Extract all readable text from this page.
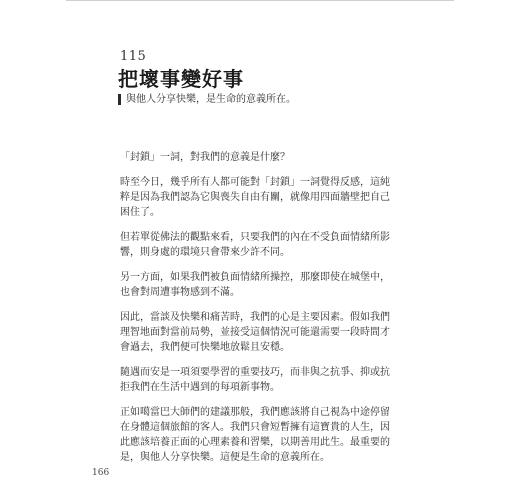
115
把壞事變好事
與他人分享快樂，是生命的意義所在。

「封鎖」一詞，對我們的意義是什麼？

時至今日，幾乎所有人都可能對「封鎖」一詞覺得反感，這純粹是因為我們認為它與喪失自由有關，就像用四面牆壁把自己困住了。

但若單從佛法的觀點來看，只要我們的內在不受負面情緒所影響，則身處的環境只會帶來少許不同。

另一方面，如果我們被負面情緒所操控，那麼即使在城堡中，也會對周遭事物感到不滿。

因此，當談及快樂和痛苦時，我們的心是主要因素。假如我們理智地面對當前局勢，並接受這個情況可能還需要一段時間才會過去，我們便可快樂地放鬆且安穩。

隨遇而安是一項須要學習的重要技巧，而非與之抗爭、抑或抗拒我們在生活中遇到的每項新事物。

正如噶當巴大師們的建議那般，我們應該將自己視為中途停留在身體這個旅館的客人。我們只會短暫擁有這寶貴的人生，因此應該培養正面的心理素養和習樂，以期善用此生。最重要的是，與他人分享快樂。這便是生命的意義所在。

166
